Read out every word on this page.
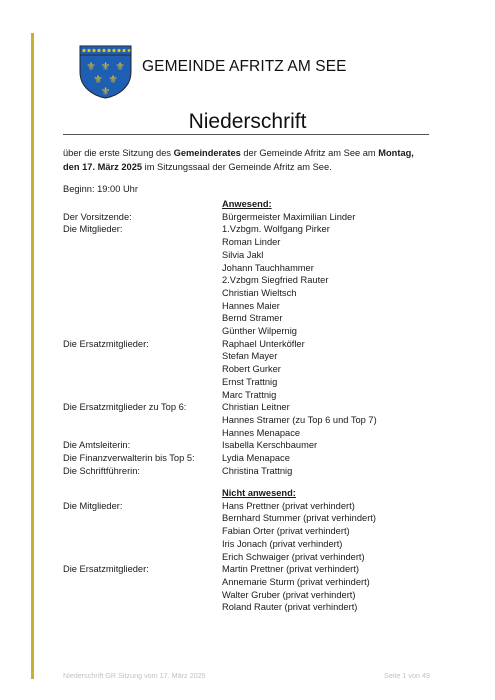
⚜ ⚜ ⚜
⚜ ⚜
⚜
GEMEINDE AFRITZ AM SEE
Niederschrift
über die erste Sitzung des Gemeinderates der Gemeinde Afritz am See am Montag,
den 17. März 2025 im Sitzungssaal der Gemeinde Afritz am See.
Beginn: 19:00 Uhr
Anwesend:
Der Vorsitzende:	Bürgermeister Maximilian Linder
Die Mitglieder:	1.Vzbgm. Wolfgang Pirker
Roman Linder
Silvia Jakl
Johann Tauchhammer
2.Vzbgm Siegfried Rauter
Christian Wieltsch
Hannes Maier
Bernd Stramer
Günther Wilpernig
Die Ersatzmitglieder:	Raphael Unterköfler
Stefan Mayer
Robert Gurker
Ernst Trattnig
Marc Trattnig
Die Ersatzmitglieder zu Top 6:	Christian Leitner
Hannes Stramer (zu Top 6 und Top 7)
Hannes Menapace
Die Amtsleiterin:	Isabella Kerschbaumer
Die Finanzverwalterin bis Top 5:	Lydia Menapace
Die Schriftführerin:	Christina Trattnig
Nicht anwesend:
Die Mitglieder:	Hans Prettner (privat verhindert)
Bernhard Stummer (privat verhindert)
Fabian Orter (privat verhindert)
Iris Jonach (privat verhindert)
Erich Schwaiger (privat verhindert)
Die Ersatzmitglieder:	Martin Prettner (privat verhindert)
Annemarie Sturm (privat verhindert)
Walter Gruber (privat verhindert)
Roland Rauter (privat verhindert)
Niederschrift GR Sitzung vom 17. März 2025	Seite 1 von 49
